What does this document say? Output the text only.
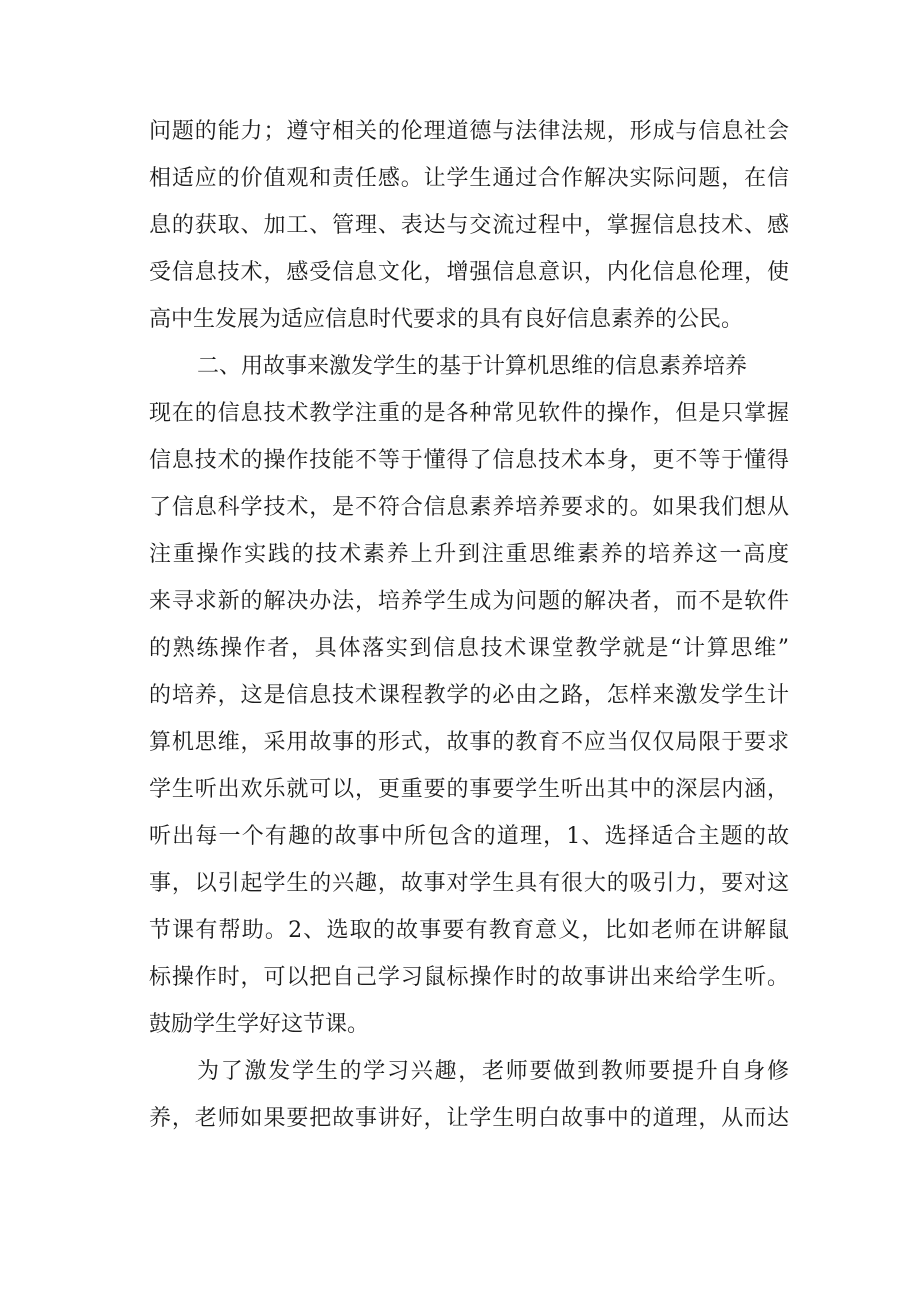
问题的能力；遵守相关的伦理道德与法律法规，形成与信息社会
相适应的价值观和责任感。让学生通过合作解决实际问题，在信
息的获取、加工、管理、表达与交流过程中，掌握信息技术、感
受信息技术，感受信息文化，增强信息意识，内化信息伦理，使
高中生发展为适应信息时代要求的具有良好信息素养的公民。
二、用故事来激发学生的基于计算机思维的信息素养培养
现在的信息技术教学注重的是各种常见软件的操作，但是只掌握
信息技术的操作技能不等于懂得了信息技术本身，更不等于懂得
了信息科学技术，是不符合信息素养培养要求的。如果我们想从
注重操作实践的技术素养上升到注重思维素养的培养这一高度
来寻求新的解决办法，培养学生成为问题的解决者，而不是软件
的熟练操作者，具体落实到信息技术课堂教学就是“计算思维”
的培养，这是信息技术课程教学的必由之路，怎样来激发学生计
算机思维，采用故事的形式，故事的教育不应当仅仅局限于要求
学生听出欢乐就可以，更重要的事要学生听出其中的深层内涵，
听出每一个有趣的故事中所包含的道理，1、选择适合主题的故
事，以引起学生的兴趣，故事对学生具有很大的吸引力，要对这
节课有帮助。2、选取的故事要有教育意义，比如老师在讲解鼠
标操作时，可以把自己学习鼠标操作时的故事讲出来给学生听。
鼓励学生学好这节课。
为了激发学生的学习兴趣，老师要做到教师要提升自身修
养，老师如果要把故事讲好，让学生明白故事中的道理，从而达
